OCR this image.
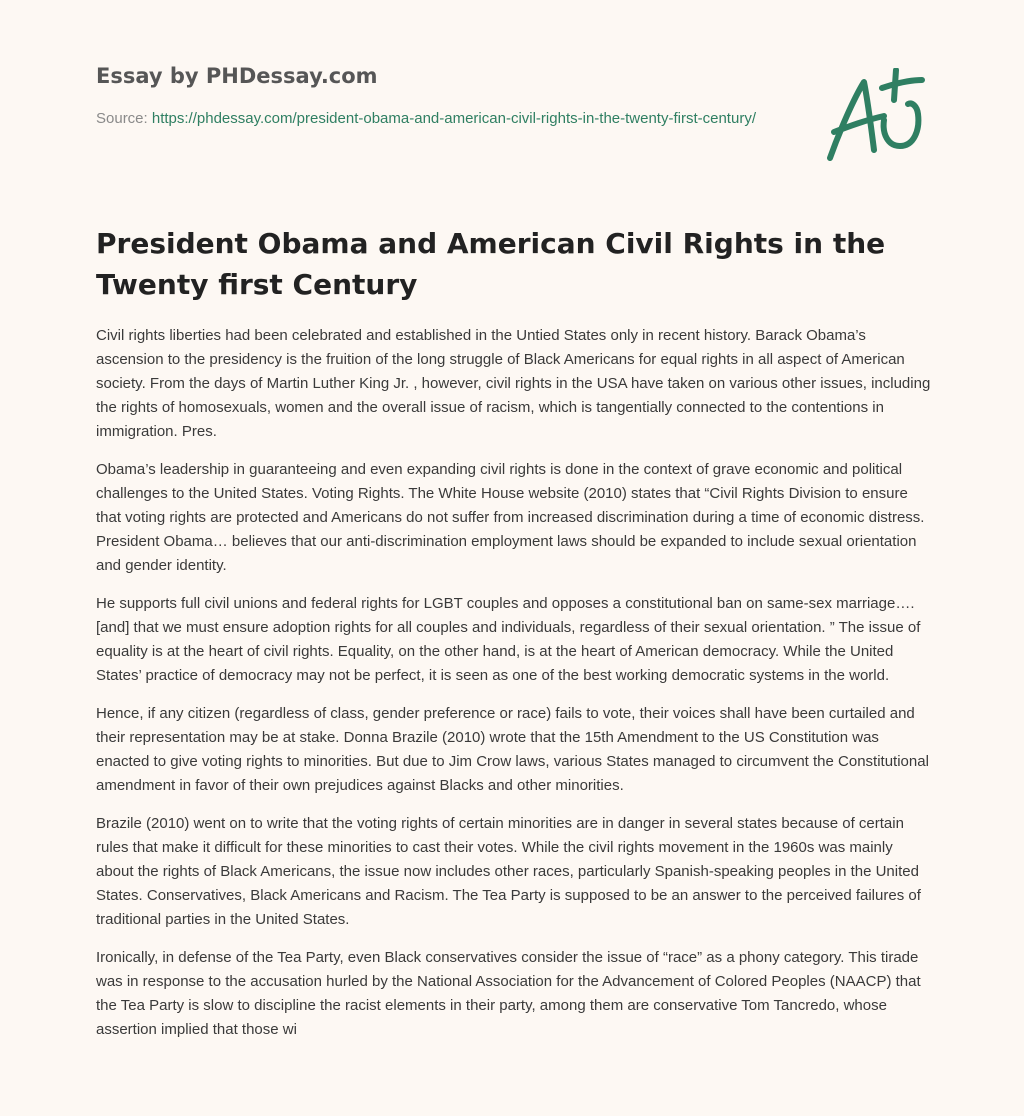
Essay by PHDessay.com
Source: https://phdessay.com/president-obama-and-american-civil-rights-in-the-twenty-first-century/
President Obama and American Civil Rights in the Twenty first Century

Civil rights liberties had been celebrated and established in the Untied States only in recent history. Barack Obama’s ascension to the presidency is the fruition of the long struggle of Black Americans for equal rights in all aspect of American society. From the days of Martin Luther King Jr. , however, civil rights in the USA have taken on various other issues, including the rights of homosexuals, women and the overall issue of racism, which is tangentially connected to the contentions in immigration. Pres.

Obama’s leadership in guaranteeing and even expanding civil rights is done in the context of grave economic and political challenges to the United States. Voting Rights. The White House website (2010) states that “Civil Rights Division to ensure that voting rights are protected and Americans do not suffer from increased discrimination during a time of economic distress. President Obama… believes that our anti-discrimination employment laws should be expanded to include sexual orientation and gender identity.

He supports full civil unions and federal rights for LGBT couples and opposes a constitutional ban on same-sex marriage…. [and] that we must ensure adoption rights for all couples and individuals, regardless of their sexual orientation. ” The issue of equality is at the heart of civil rights. Equality, on the other hand, is at the heart of American democracy. While the United States’ practice of democracy may not be perfect, it is seen as one of the best working democratic systems in the world.

Hence, if any citizen (regardless of class, gender preference or race) fails to vote, their voices shall have been curtailed and their representation may be at stake. Donna Brazile (2010) wrote that the 15th Amendment to the US Constitution was enacted to give voting rights to minorities. But due to Jim Crow laws, various States managed to circumvent the Constitutional amendment in favor of their own prejudices against Blacks and other minorities.

Brazile (2010) went on to write that the voting rights of certain minorities are in danger in several states because of certain rules that make it difficult for these minorities to cast their votes. While the civil rights movement in the 1960s was mainly about the rights of Black Americans, the issue now includes other races, particularly Spanish-speaking peoples in the United States. Conservatives, Black Americans and Racism. The Tea Party is supposed to be an answer to the perceived failures of traditional parties in the United States.

Ironically, in defense of the Tea Party, even Black conservatives consider the issue of “race” as a phony category. This tirade was in response to the accusation hurled by the National Association for the Advancement of Colored Peoples (NAACP) that the Tea Party is slow to discipline the racist elements in their party, among them are conservative Tom Tancredo, whose assertion implied that those wi
